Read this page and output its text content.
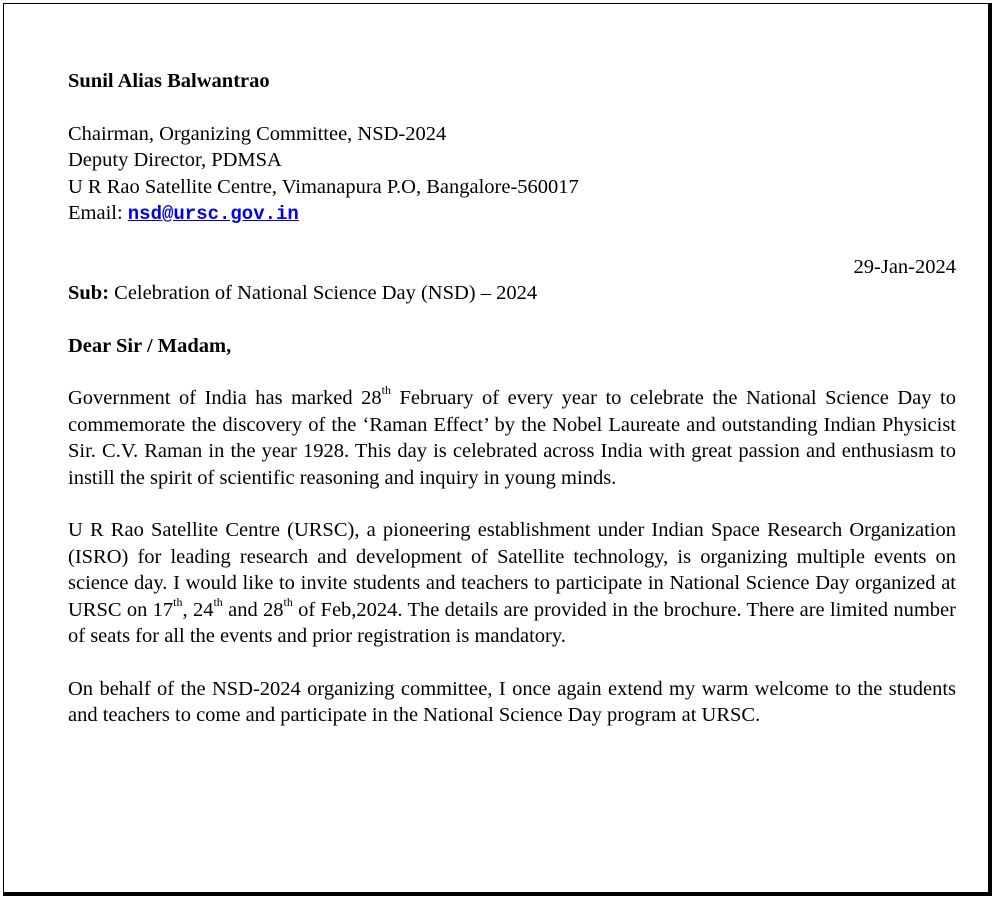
Sunil Alias Balwantrao
Chairman, Organizing Committee, NSD-2024
Deputy Director, PDMSA
U R Rao Satellite Centre, Vimanapura P.O, Bangalore-560017
Email: nsd@ursc.gov.in
29-Jan-2024
Sub: Celebration of National Science Day (NSD) – 2024
Dear Sir / Madam,
Government of India has marked 28th February of every year to celebrate the National Science Day to commemorate the discovery of the ‘Raman Effect’ by the Nobel Laureate and outstanding Indian Physicist Sir. C.V. Raman in the year 1928. This day is celebrated across India with great passion and enthusiasm to instill the spirit of scientific reasoning and inquiry in young minds.
U R Rao Satellite Centre (URSC), a pioneering establishment under Indian Space Research Organization (ISRO) for leading research and development of Satellite technology, is organizing multiple events on science day. I would like to invite students and teachers to participate in National Science Day organized at URSC on 17th, 24th and 28th of Feb,2024. The details are provided in the brochure. There are limited number of seats for all the events and prior registration is mandatory.
On behalf of the NSD-2024 organizing committee, I once again extend my warm welcome to the students and teachers to come and participate in the National Science Day program at URSC.
